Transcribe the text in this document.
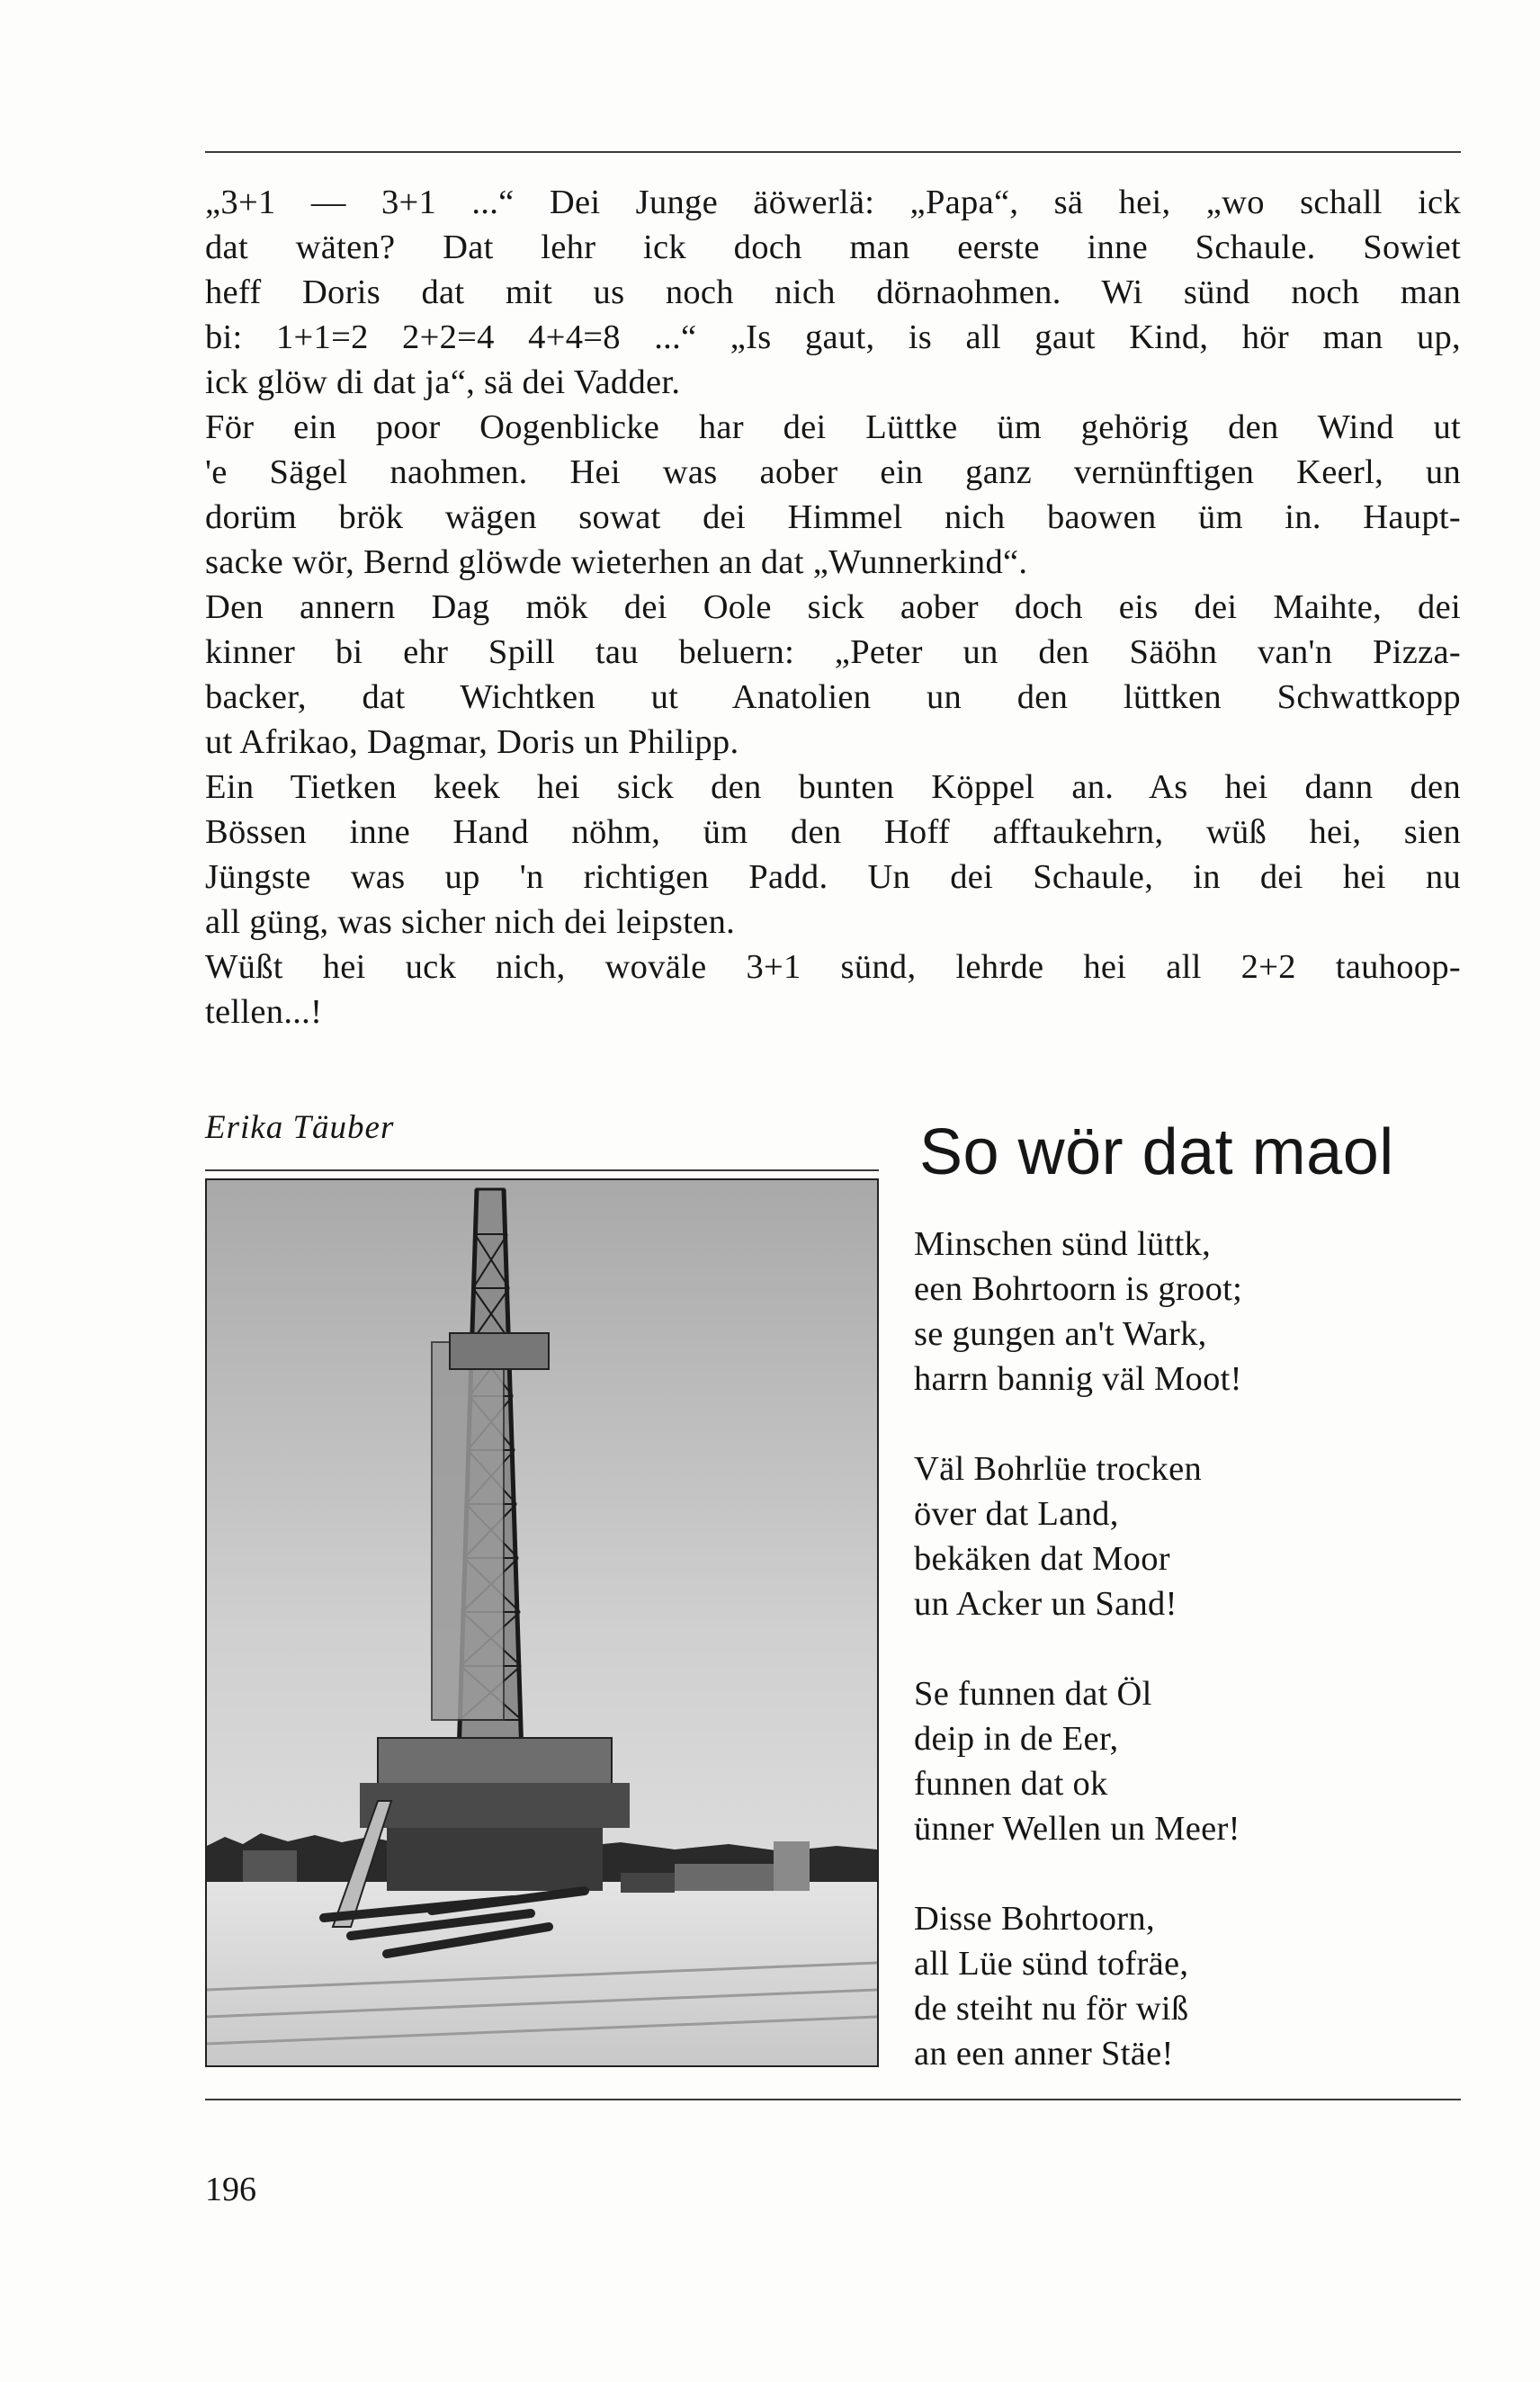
„3+1 — 3+1 ...“ Dei Junge äöwerlä: „Papa“, sä hei, „wo schall ick
dat wäten? Dat lehr ick doch man eerste inne Schaule. Sowiet
heff Doris dat mit us noch nich dörnaohmen. Wi sünd noch man
bi: 1+1=2 2+2=4 4+4=8 ...“ „Is gaut, is all gaut Kind, hör man up,
ick glöw di dat ja“, sä dei Vadder.
För ein poor Oogenblicke har dei Lüttke üm gehörig den Wind ut
'e Sägel naohmen. Hei was aober ein ganz vernünftigen Keerl, un
dorüm brök wägen sowat dei Himmel nich baowen üm in. Haupt-
sacke wör, Bernd glöwde wieterhen an dat „Wunnerkind“.
Den annern Dag mök dei Oole sick aober doch eis dei Maihte, dei
kinner bi ehr Spill tau beluern: „Peter un den Säöhn van'n Pizza-
backer, dat Wichtken ut Anatolien un den lüttken Schwattkopp
ut Afrikao, Dagmar, Doris un Philipp.
Ein Tietken keek hei sick den bunten Köppel an. As hei dann den
Bössen inne Hand nöhm, üm den Hoff afftaukehrn, wüß hei, sien
Jüngste was up 'n richtigen Padd. Un dei Schaule, in dei hei nu
all güng, was sicher nich dei leipsten.
Wüßt hei uck nich, woväle 3+1 sünd, lehrde hei all 2+2 tauhoop-
tellen...!
Erika Täuber	So wör dat maol
Minschen sünd lüttk,
een Bohrtoorn is groot;
se gungen an't Wark,
harrn bannig väl Moot!
Väl Bohrlüe trocken
över dat Land,
bekäken dat Moor
un Acker un Sand!
Se funnen dat Öl
deip in de Eer,
funnen dat ok
ünner Wellen un Meer!
Disse Bohrtoorn,
all Lüe sünd tofräe,
de steiht nu för wiß
an een anner Stäe!
196
